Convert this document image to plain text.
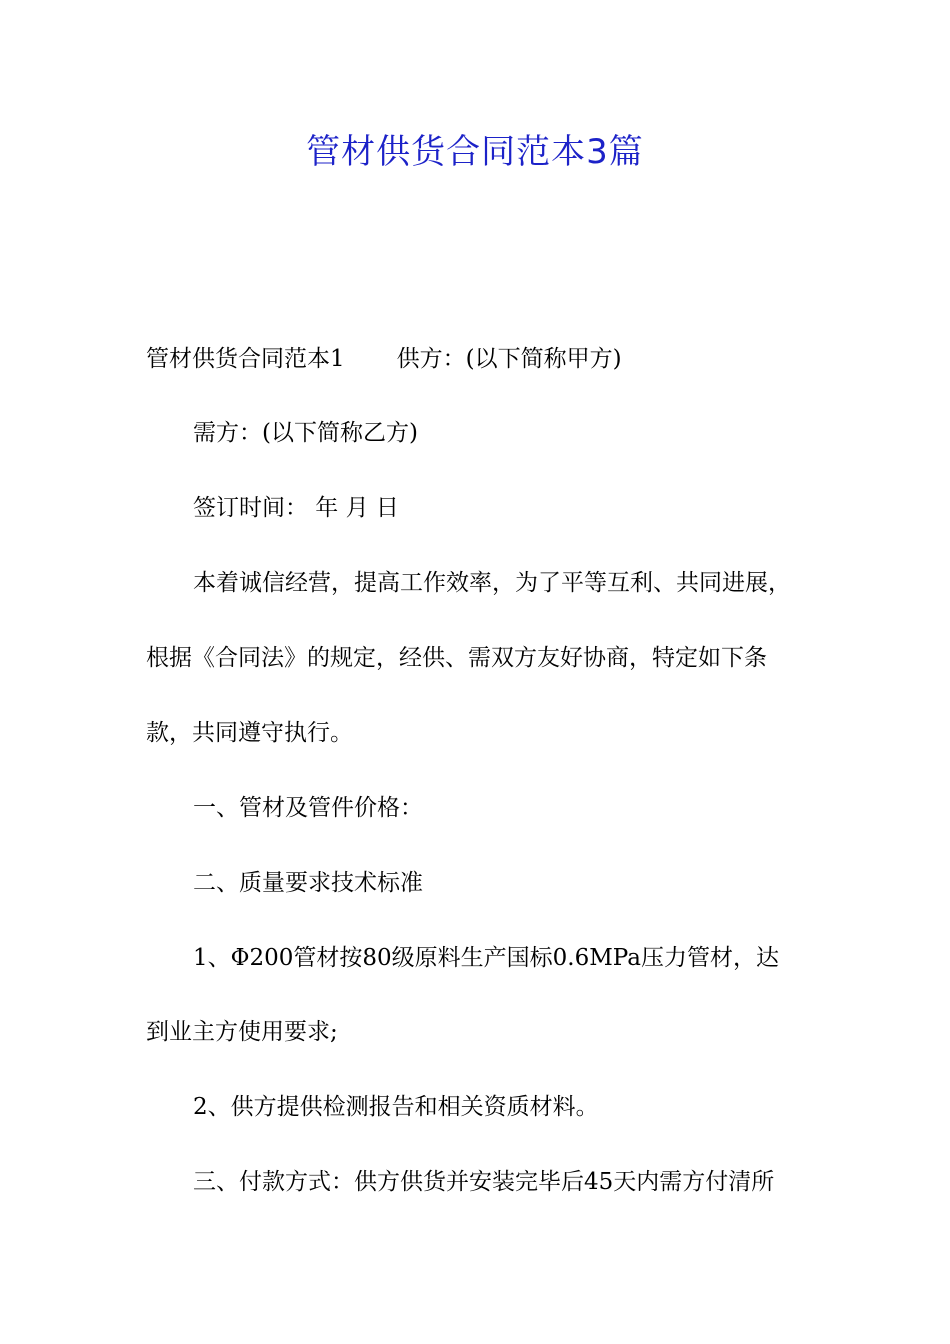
管材供货合同范本3篇

管材供货合同范本1 供方：(以下简称甲方)

需方：(以下简称乙方)

签订时间： 年 月 日

本着诚信经营，提高工作效率，为了平等互利、共同进展，

根据《合同法》的规定，经供、需双方友好协商，特定如下条

款，共同遵守执行。

一、管材及管件价格：

二、质量要求技术标准

1、Φ200管材按80级原料生产国标0.6MPa压力管材，达

到业主方使用要求;

2、供方提供检测报告和相关资质材料。

三、付款方式：供方供货并安装完毕后45天内需方付清所
